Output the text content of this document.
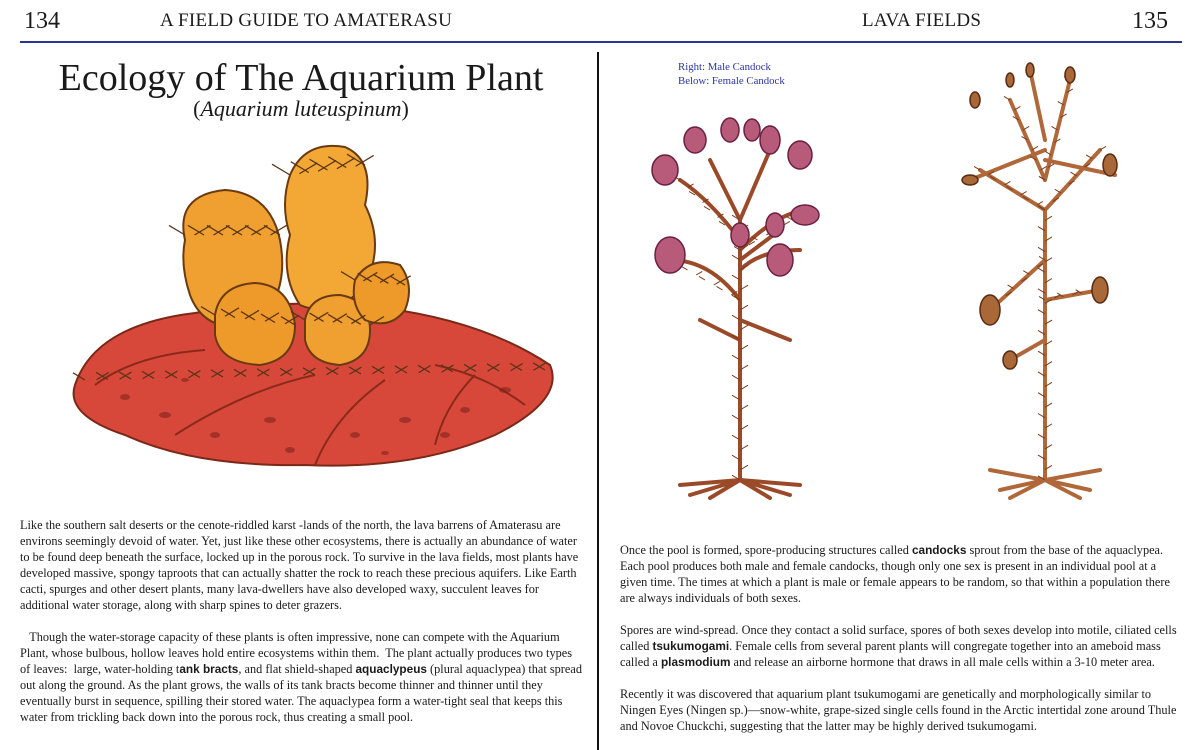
134	A FIELD GUIDE TO AMATERASU	LAVA FIELDS	135
Ecology of The Aquarium Plant
(Aquarium luteuspinum)

Like the southern salt deserts or the cenote-riddled karst -lands of the north, the lava barrens of Amaterasu are environs seemingly devoid of water. Yet, just like these other ecosystems, there is actually an abundance of water to be found deep beneath the surface, locked up in the porous rock. To survive in the lava fields, most plants have developed massive, spongy taproots that can actually shatter the rock to reach these precious aquifers. Like Earth cacti, spurges and other desert plants, many lava-dwellers have also developed waxy, succulent leaves for additional water storage, along with sharp spines to deter grazers.

Though the water-storage capacity of these plants is often impressive, none can compete with the Aquarium Plant, whose bulbous, hollow leaves hold entire ecosystems within them.  The plant actually produces two types of leaves:  large, water-holding tank bracts, and flat shield-shaped aquaclypeus (plural aquaclypea) that spread out along the ground. As the plant grows, the walls of its tank bracts become thinner and thinner until they eventually burst in sequence, spilling their stored water. The aquaclypea form a water-tight seal that keeps this water from trickling back down into the porous rock, thus creating a small pool.

Right: Male Candock
Below: Female Candock

Once the pool is formed, spore-producing structures called candocks sprout from the base of the aquaclypea. Each pool produces both male and female candocks, though only one sex is present in an individual pool at a given time. The times at which a plant is male or female appears to be random, so that within a population there are always individuals of both sexes.

Spores are wind-spread. Once they contact a solid surface, spores of both sexes develop into motile, ciliated cells called tsukumogami. Female cells from several parent plants will congregate together into an ameboid mass called a plasmodium and release an airborne hormone that draws in all male cells within a 3-10 meter area.

Recently it was discovered that aquarium plant tsukumogami are genetically and morphologically similar to Ningen Eyes (Ningen sp.)—snow-white, grape-sized single cells found in the Arctic intertidal zone around Thule and Novoe Chuckchi, suggesting that the latter may be highly derived tsukumogami.
